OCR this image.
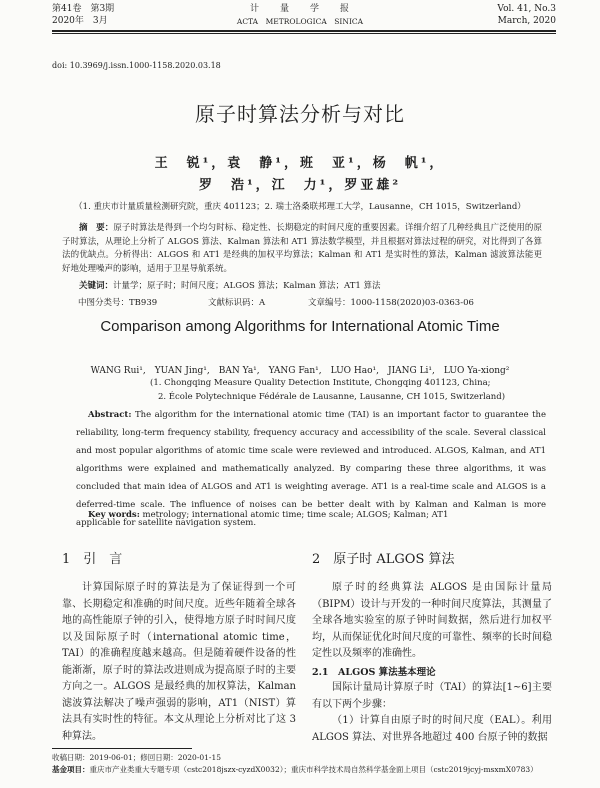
第41卷　第3期
2020年　3月
计　　量　　学　　报
ACTA　METROLOGICA　SINICA
Vol. 41, No.3
March, 2020
doi: 10.3969/j.issn.1000-1158.2020.03.18
原子时算法分析与对比
王　锐¹，袁　静¹，班　亚¹，杨　帆¹，
罗　浩¹，江　力¹，罗亚雄²
（1. 重庆市计量质量检测研究院，重庆 401123；2. 瑞士洛桑联邦理工大学，Lausanne，CH 1015，Switzerland）

摘　要：原子时算法是得到一个均匀时标、稳定性、长期稳定的时间尺度的重要因素。详细介绍了几种经典且广泛使用的原子时算法，从理论上分析了 ALGOS 算法、Kalman 算法和 AT1 算法数学模型，并且根据对算法过程的研究，对比得到了各算法的优缺点。分析得出：ALGOS 和 AT1 是经典的加权平均算法；Kalman 和 AT1 是实时性的算法，Kalman 滤波算法能更好地处理噪声的影响，适用于卫星导航系统。

关键词：计量学；原子时；时间尺度；ALGOS 算法；Kalman 算法；AT1 算法

中图分类号：TB939	文献标识码：A	文章编号：1000-1158(2020)03-0363-06
Comparison among Algorithms for International Atomic Time
WANG Rui¹,　YUAN Jing¹,　BAN Ya¹,　YANG Fan¹,　LUO Hao¹,　JIANG Li¹,　LUO Ya-xiong²
(1. Chongqing Measure Quality Detection Institute, Chongqing 401123, China;
2. École Polytechnique Fédérale de Lausanne, Lausanne, CH 1015, Switzerland)
Abstract: The algorithm for the international atomic time (TAI) is an important factor to guarantee the reliability, long-term frequency stability, frequency accuracy and accessibility of the scale. Several classical and most popular algorithms of atomic time scale were reviewed and introduced. ALGOS, Kalman, and AT1 algorithms were explained and mathematically analyzed. By comparing these three algorithms, it was concluded that main idea of ALGOS and AT1 is weighting average. AT1 is a real-time scale and ALGOS is a deferred-time scale. The influence of noises can be better dealt with by Kalman and Kalman is more applicable for satellite navigation system.
Key words: metrology; international atomic time; time scale; ALGOS; Kalman; AT1
1　引　言

计算国际原子时的算法是为了保证得到一个可靠、长期稳定和准确的时间尺度。近些年随着全球各地的高性能原子钟的引入，使得地方原子时时间尺度以及国际原子时（international atomic time，TAI）的准确程度越来越高。但是随着硬件设备的性能渐渐，原子时的算法改进则成为提高原子时的主要方向之一。ALGOS 是最经典的加权算法，Kalman 滤波算法解决了噪声强弱的影响，AT1（NIST）算法具有实时性的特征。本文从理论上分析对比了这 3 种算法。

2　原子时 ALGOS 算法

原子时的经典算法 ALGOS 是由国际计量局（BIPM）设计与开发的一种时间尺度算法，其测量了全球各地实验室的原子钟时间数据，然后进行加权平均，从而保证优化时间尺度的可靠性、频率的长时间稳定性以及频率的准确性。

2.1　ALGOS 算法基本理论

国际计量局计算原子时（TAI）的算法[1~6]主要有以下两个步骤：

（1）计算自由原子时的时间尺度（EAL）。利用 ALGOS 算法、对世界各地超过 400 台原子钟的数据

收稿日期：2019-06-01；修回日期：2020-01-15
基金项目：重庆市产业类重大专题专项（cstc2018jszx-cyzdX0032）；重庆市科学技术局自然科学基金面上项目（cstc2019jcyj-msxmX0783）
